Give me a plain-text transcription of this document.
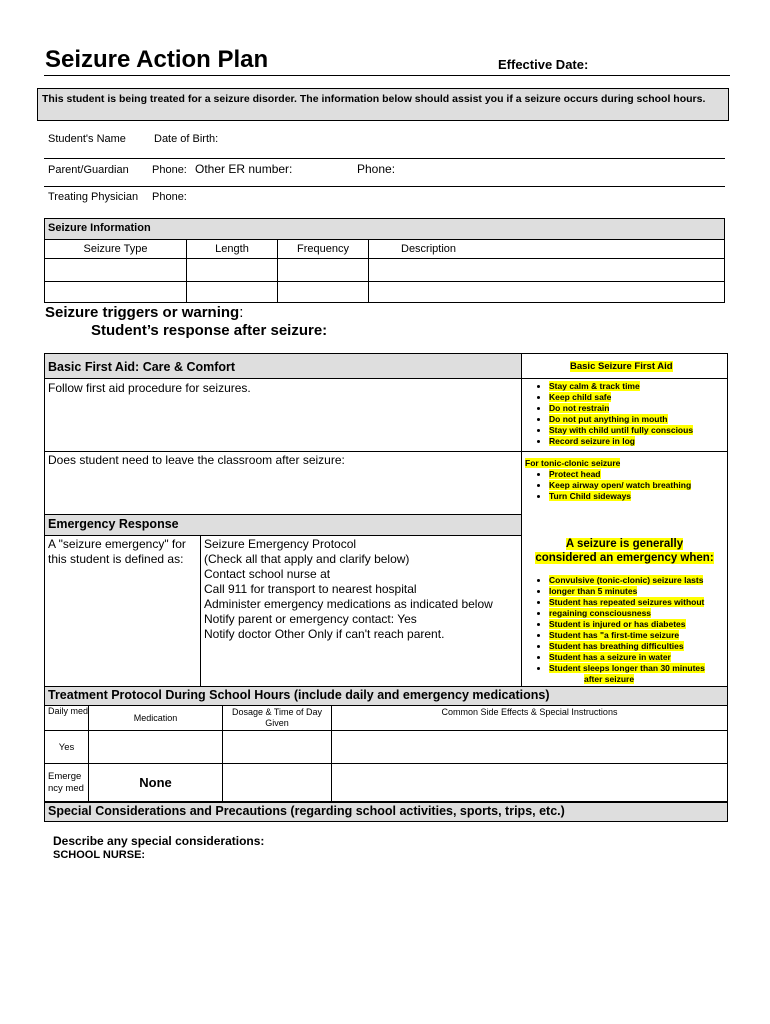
Seizure Action Plan	Effective Date:
This student is being treated for a seizure disorder. The information below should assist you if a seizure occurs during school hours.
Student's Name	Date of Birth:
Parent/Guardian Phone: Other ER number:	Phone:
Treating Physician Phone:
Seizure Information
Seizure Type	Length	Frequency	Description

Seizure triggers or warning:
Student’s response after seizure:
Basic First Aid: Care & Comfort	Basic Seizure First Aid
Follow first aid procedure for seizures.	• Stay calm & track time
• Keep child safe
• Do not restrain
• Do not put anything in mouth
• Stay with child until fully conscious
• Record seizure in log
Does student need to leave the classroom after seizure:	For tonic-clonic seizure
• Protect head
• Keep airway open/ watch breathing
• Turn Child sideways
Emergency Response
A "seizure emergency" for this student is defined as:
Seizure Emergency Protocol
(Check all that apply and clarify below)
Contact school nurse at
Call 911 for transport to nearest hospital
Administer emergency medications as indicated below
Notify parent or emergency contact: Yes
Notify doctor Other Only if can't reach parent.
A seizure is generally
considered an emergency when:
• Convulsive (tonic-clonic) seizure lasts
• longer than 5 minutes
• Student has repeated seizures without
• regaining consciousness
• Student is injured or has diabetes
• Student has "a first-time seizure
• Student has breathing difficulties
• Student has a seizure in water
• Student sleeps longer than 30 minutes
after seizure
Treatment Protocol During School Hours (include daily and emergency medications)
Daily med	Medication	Dosage & Time of Day Given	Common Side Effects & Special Instructions
Yes			
Emerge ncy med	None		
Special Considerations and Precautions (regarding school activities, sports, trips, etc.)
Describe any special considerations:
SCHOOL NURSE:
